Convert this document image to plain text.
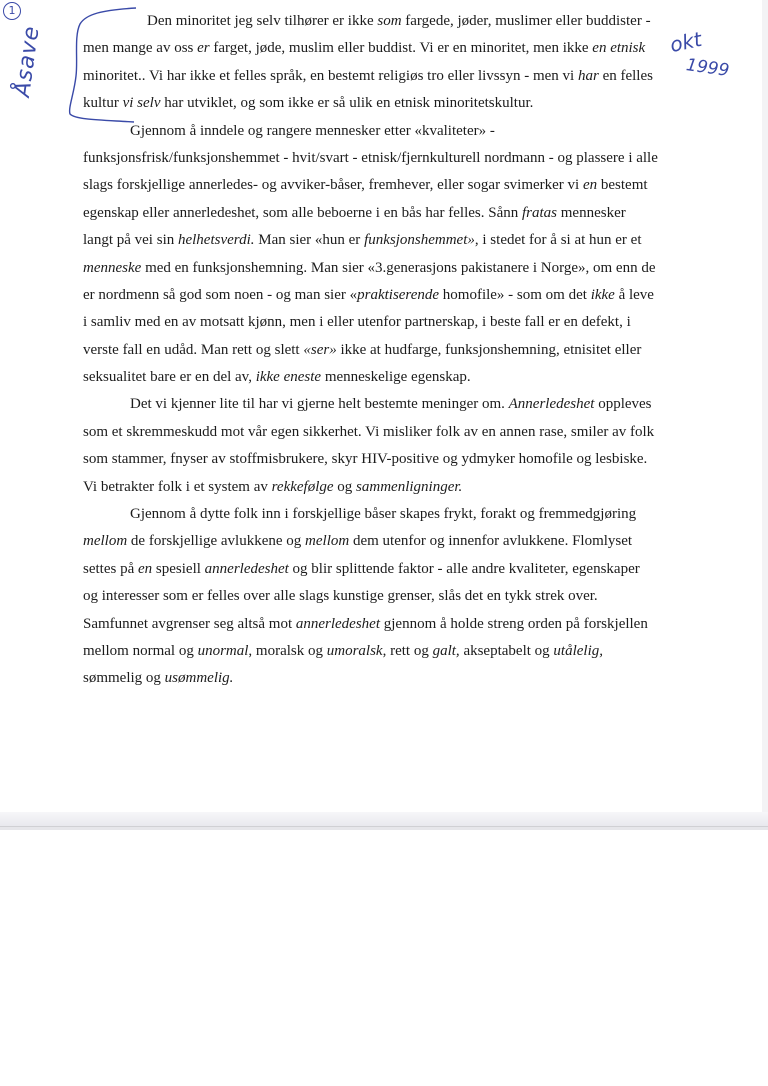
1
Åsave	okt
1999
Den minoritet jeg selv tilhører er ikke som fargede, jøder, muslimer eller buddister -
men mange av oss er farget, jøde, muslim eller buddist. Vi er en minoritet, men ikke en etnisk
minoritet.. Vi har ikke et felles språk, en bestemt religiøs tro eller livssyn - men vi har en felles
kultur vi selv har utviklet, og som ikke er så ulik en etnisk minoritetskultur.
Gjennom å inndele og rangere mennesker etter «kvaliteter» -
funksjonsfrisk/funksjonshemmet - hvit/svart - etnisk/fjernkulturell nordmann - og plassere i alle
slags forskjellige annerledes- og avviker-båser, fremhever, eller sogar svimerker vi en bestemt
egenskap eller annerledeshet, som alle beboerne i en bås har felles. Sånn fratas mennesker
langt på vei sin helhetsverdi. Man sier «hun er funksjonshemmet», i stedet for å si at hun er et
menneske med en funksjonshemning. Man sier «3.generasjons pakistanere i Norge», om enn de
er nordmenn så god som noen - og man sier «praktiserende homofile» - som om det ikke å leve
i samliv med en av motsatt kjønn, men i eller utenfor partnerskap, i beste fall er en defekt, i
verste fall en udåd. Man rett og slett «ser» ikke at hudfarge, funksjonshemning, etnisitet eller
seksualitet bare er en del av, ikke eneste menneskelige egenskap.
Det vi kjenner lite til har vi gjerne helt bestemte meninger om. Annerledeshet oppleves
som et skremmeskudd mot vår egen sikkerhet. Vi misliker folk av en annen rase, smiler av folk
som stammer, fnyser av stoffmisbrukere, skyr HIV-positive og ydmyker homofile og lesbiske.
Vi betrakter folk i et system av rekkefølge og sammenligninger.
Gjennom å dytte folk inn i forskjellige båser skapes frykt, forakt og fremmedgjøring
mellom de forskjellige avlukkene og mellom dem utenfor og innenfor avlukkene. Flomlyset
settes på en spesiell annerledeshet og blir splittende faktor - alle andre kvaliteter, egenskaper
og interesser som er felles over alle slags kunstige grenser, slås det en tykk strek over.
Samfunnet avgrenser seg altså mot annerledeshet gjennom å holde streng orden på forskjellen
mellom normal og unormal, moralsk og umoralsk, rett og galt, akseptabelt og utålelig,
sømmelig og usømmelig.
